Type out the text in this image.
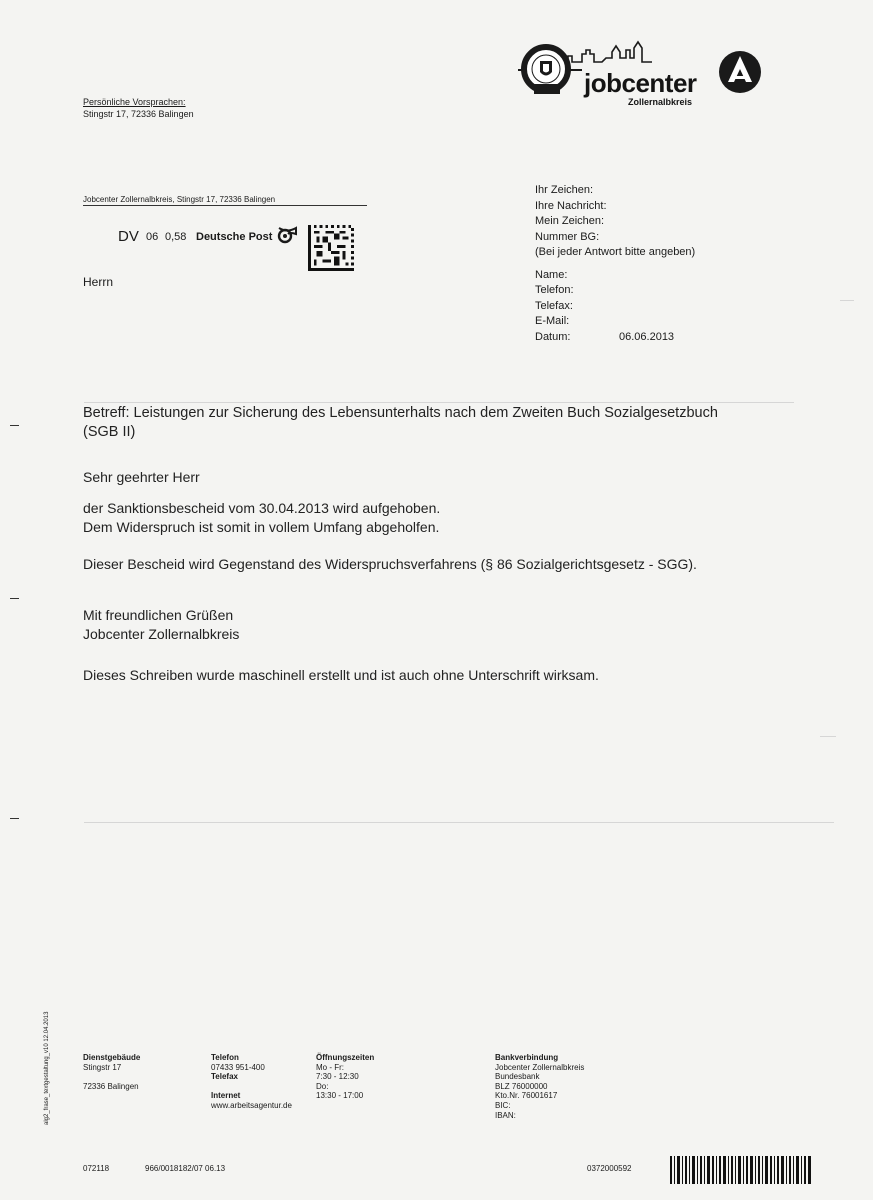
jobcenter
Zollernalbkreis
Persönliche Vorsprachen:
Stingstr 17, 72336 Balingen
Jobcenter Zollernalbkreis, Stingstr 17, 72336 Balingen
DV 06 0,58 Deutsche Post
Herrn
Ihr Zeichen:
Ihre Nachricht:
Mein Zeichen:
Nummer BG:
(Bei jeder Antwort bitte angeben)
Name:
Telefon:
Telefax:
E-Mail:
Datum:	06.06.2013
Betreff: Leistungen zur Sicherung des Lebensunterhalts nach dem Zweiten Buch Sozialgesetzbuch
(SGB II)
Sehr geehrter Herr
der Sanktionsbescheid vom 30.04.2013 wird aufgehoben.
Dem Widerspruch ist somit in vollem Umfang abgeholfen.
Dieser Bescheid wird Gegenstand des Widerspruchsverfahrens (§ 86 Sozialgerichtsgesetz - SGG).
Mit freundlichen Grüßen
Jobcenter Zollernalbkreis
Dieses Schreiben wurde maschinell erstellt und ist auch ohne Unterschrift wirksam.
alg2_frase_textgestaltung_v10 12.04.2013	Dienstgebäude
Stingstr 17
72336 Balingen
Telefon
07433 951-400
Telefax
Internet
www.arbeitsagentur.de
Öffnungszeiten
Mo - Fr:
7:30 - 12:30
Do:
13:30 - 17:00
Bankverbindung
Jobcenter Zollernalbkreis
Bundesbank
BLZ 76000000
Kto.Nr. 76001617
BIC:
IBAN:
072118	966/0018182/07 06.13	0372000592
